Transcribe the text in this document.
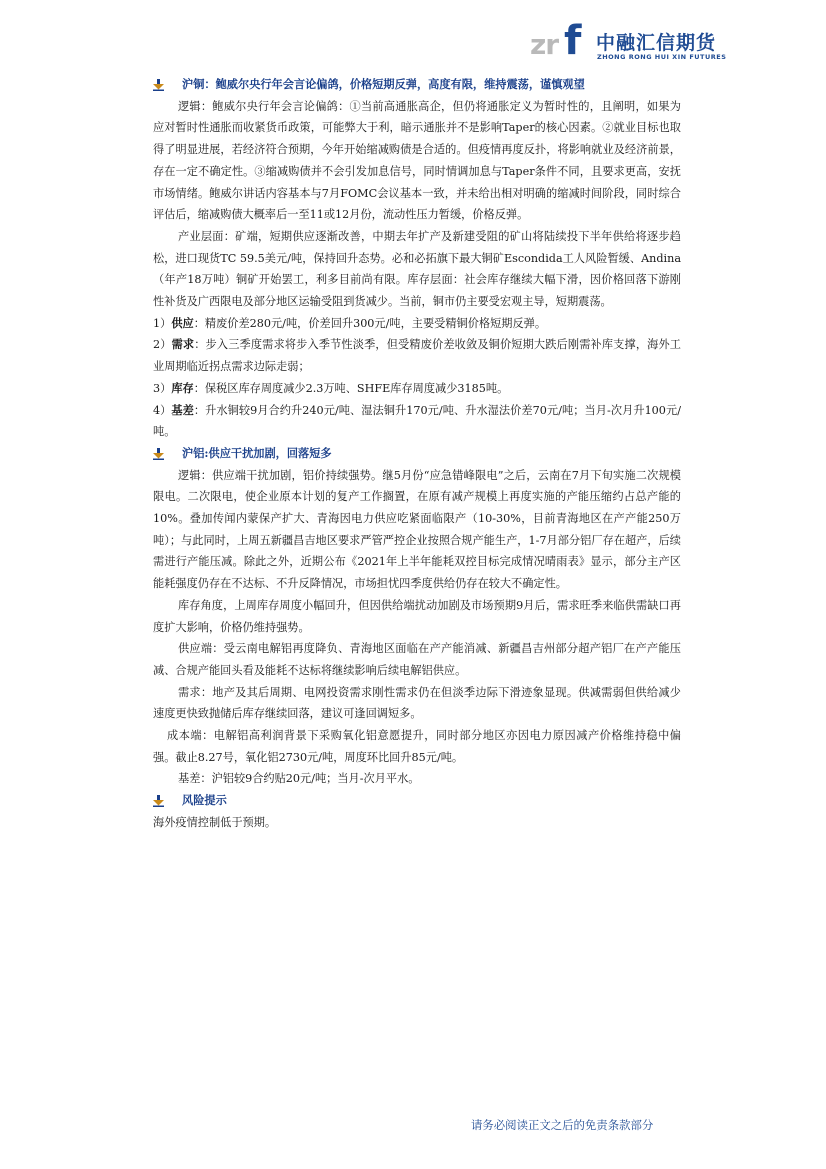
zr f 中融汇信期货
ZHONG RONG HUI XIN FUTURES
沪铜：鲍威尔央行年会言论偏鸽，价格短期反弹，高度有限，维持震荡，谨慎观望

逻辑：鲍威尔央行年会言论偏鸽：①当前高通胀高企，但仍将通胀定义为暂时性的，且阐明，如果为应对暂时性通胀而收紧货币政策，可能弊大于利，暗示通胀并不是影响Taper的核心因素。②就业目标也取得了明显进展，若经济符合预期，今年开始缩减购债是合适的。但疫情再度反扑，将影响就业及经济前景，存在一定不确定性。③缩减购债并不会引发加息信号，同时情调加息与Taper条件不同，且要求更高，安抚市场情绪。鲍威尔讲话内容基本与7月FOMC会议基本一致，并未给出相对明确的缩减时间阶段，同时综合评估后，缩减购债大概率后一至11或12月份，流动性压力暂缓，价格反弹。

产业层面：矿端，短期供应逐渐改善，中期去年扩产及新建受阻的矿山将陆续投下半年供给将逐步趋松，进口现货TC 59.5美元/吨，保持回升态势。必和必拓旗下最大铜矿Escondida工人风险暂缓、Andina（年产18万吨）铜矿开始罢工，利多目前尚有限。库存层面：社会库存继续大幅下滑，因价格回落下游刚性补货及广西限电及部分地区运输受阻到货减少。当前，铜市仍主要受宏观主导，短期震荡。

1）供应：精废价差280元/吨，价差回升300元/吨，主要受精铜价格短期反弹。

2）需求：步入三季度需求将步入季节性淡季，但受精废价差收敛及铜价短期大跌后刚需补库支撑，海外工业周期临近拐点需求边际走弱；

3）库存：保税区库存周度减少2.3万吨、SHFE库存周度减少3185吨。

4）基差：升水铜较9月合约升240元/吨、湿法铜升170元/吨、升水湿法价差70元/吨；当月-次月升100元/吨。

沪铝:供应干扰加剧，回落短多

逻辑：供应端干扰加剧，铝价持续强势。继5月份“应急错峰限电”之后，云南在7月下旬实施二次规模限电。二次限电，使企业原本计划的复产工作搁置，在原有减产规模上再度实施的产能压缩约占总产能的10%。叠加传闻内蒙保产扩大、青海因电力供应吃紧面临限产（10-30%，目前青海地区在产产能250万吨）；与此同时，上周五新疆昌吉地区要求严管严控企业按照合规产能生产，1-7月部分铝厂存在超产，后续需进行产能压减。除此之外，近期公布《2021年上半年能耗双控目标完成情况晴雨表》显示，部分主产区能耗强度仍存在不达标、不升反降情况，市场担忧四季度供给仍存在较大不确定性。

库存角度，上周库存周度小幅回升，但因供给端扰动加剧及市场预期9月后，需求旺季来临供需缺口再度扩大影响，价格仍维持强势。

供应端：受云南电解铝再度降负、青海地区面临在产产能消减、新疆昌吉州部分超产铝厂在产产能压减、合规产能回头看及能耗不达标将继续影响后续电解铝供应。

需求：地产及其后周期、电网投资需求刚性需求仍在但淡季边际下滑迹象显现。供减需弱但供给减少速度更快致抛储后库存继续回落，建议可逢回调短多。

成本端：电解铝高利润背景下采购氧化铝意愿提升，同时部分地区亦因电力原因减产价格维持稳中偏强。截止8.27号，氧化铝2730元/吨，周度环比回升85元/吨。

基差：沪铝较9合约贴20元/吨；当月-次月平水。

风险提示

海外疫情控制低于预期。

请务必阅读正文之后的免责条款部分
